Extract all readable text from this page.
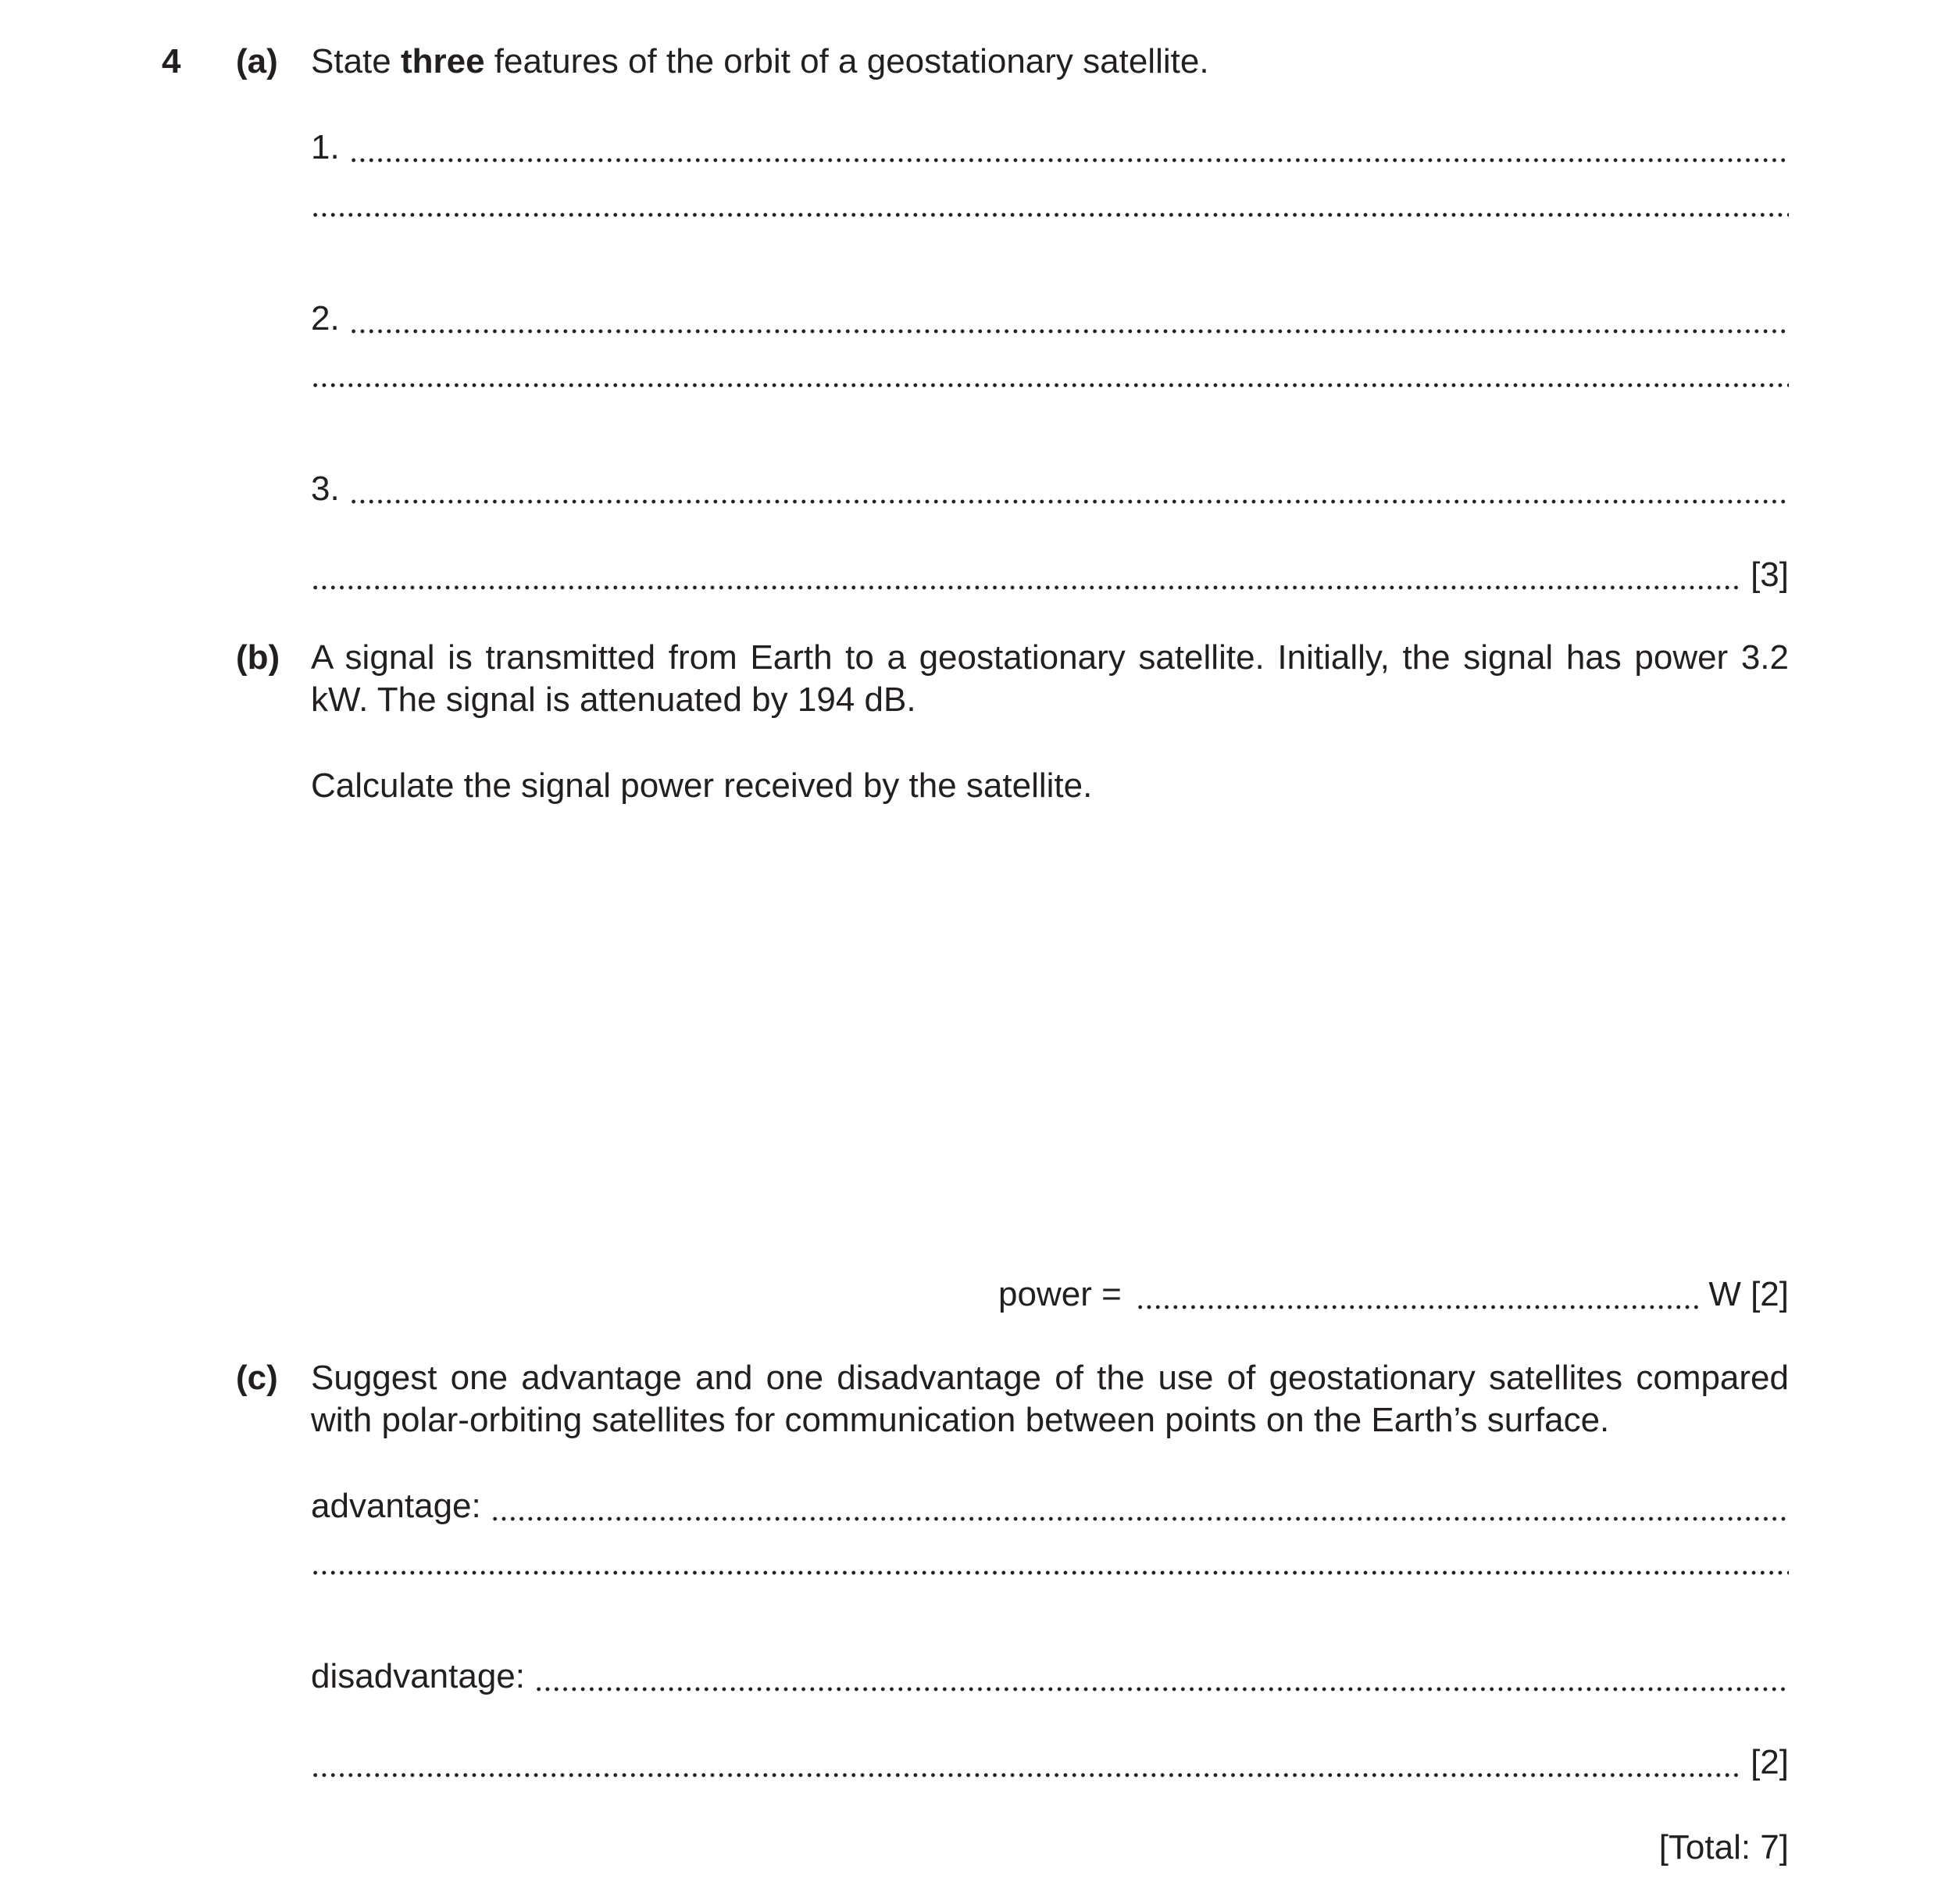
4 (a) State three features of the orbit of a geostationary satellite.
1.
2.
3.
[3]
(b) A signal is transmitted from Earth to a geostationary satellite. Initially, the signal has power 3.2 kW. The signal is attenuated by 194 dB.
Calculate the signal power received by the satellite.
power =	W [2]
(c) Suggest one advantage and one disadvantage of the use of geostationary satellites compared with polar-orbiting satellites for communication between points on the Earth’s surface.
advantage:
disadvantage:
[2]
[Total: 7]
